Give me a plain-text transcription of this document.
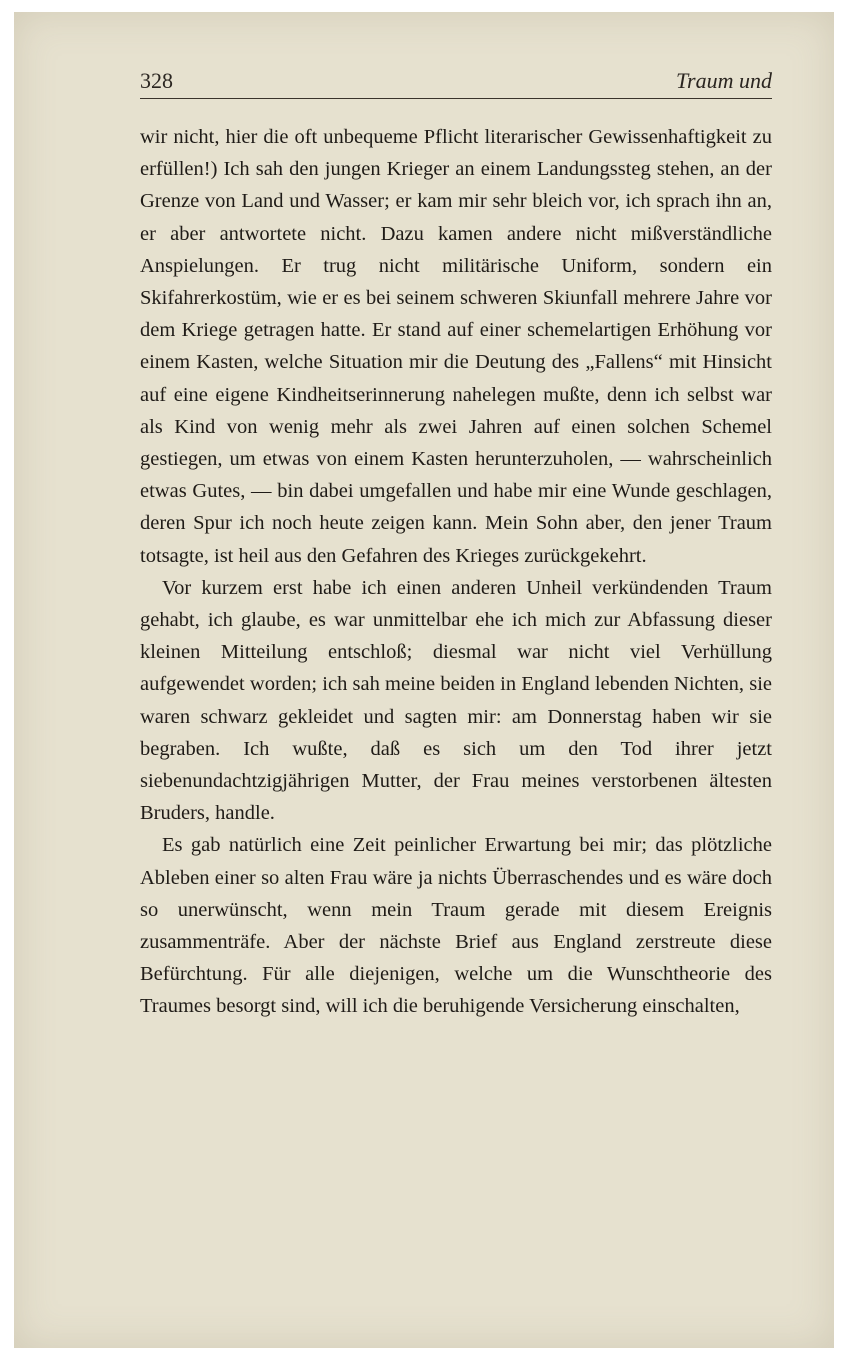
328	Traum und

wir nicht, hier die oft unbequeme Pflicht literarischer Gewissenhaftigkeit zu erfüllen!) Ich sah den jungen Krieger an einem Landungssteg stehen, an der Grenze von Land und Wasser; er kam mir sehr bleich vor, ich sprach ihn an, er aber antwortete nicht. Dazu kamen andere nicht mißverständliche Anspielungen. Er trug nicht militärische Uniform, sondern ein Skifahrerkostüm, wie er es bei seinem schweren Skiunfall mehrere Jahre vor dem Kriege getragen hatte. Er stand auf einer schemelartigen Erhöhung vor einem Kasten, welche Situation mir die Deutung des „Fallens“ mit Hinsicht auf eine eigene Kindheitserinnerung nahelegen mußte, denn ich selbst war als Kind von wenig mehr als zwei Jahren auf einen solchen Schemel gestiegen, um etwas von einem Kasten herunterzuholen, — wahrscheinlich etwas Gutes, — bin dabei umgefallen und habe mir eine Wunde geschlagen, deren Spur ich noch heute zeigen kann. Mein Sohn aber, den jener Traum totsagte, ist heil aus den Gefahren des Krieges zurückgekehrt.

Vor kurzem erst habe ich einen anderen Unheil verkündenden Traum gehabt, ich glaube, es war unmittelbar ehe ich mich zur Abfassung dieser kleinen Mitteilung entschloß; diesmal war nicht viel Verhüllung aufgewendet worden; ich sah meine beiden in England lebenden Nichten, sie waren schwarz gekleidet und sagten mir: am Donnerstag haben wir sie begraben. Ich wußte, daß es sich um den Tod ihrer jetzt siebenundachtzigjährigen Mutter, der Frau meines verstorbenen ältesten Bruders, handle.

Es gab natürlich eine Zeit peinlicher Erwartung bei mir; das plötzliche Ableben einer so alten Frau wäre ja nichts Überraschendes und es wäre doch so unerwünscht, wenn mein Traum gerade mit diesem Ereignis zusammenträfe. Aber der nächste Brief aus England zerstreute diese Befürchtung. Für alle diejenigen, welche um die Wunschtheorie des Traumes besorgt sind, will ich die beruhigende Versicherung einschalten,
